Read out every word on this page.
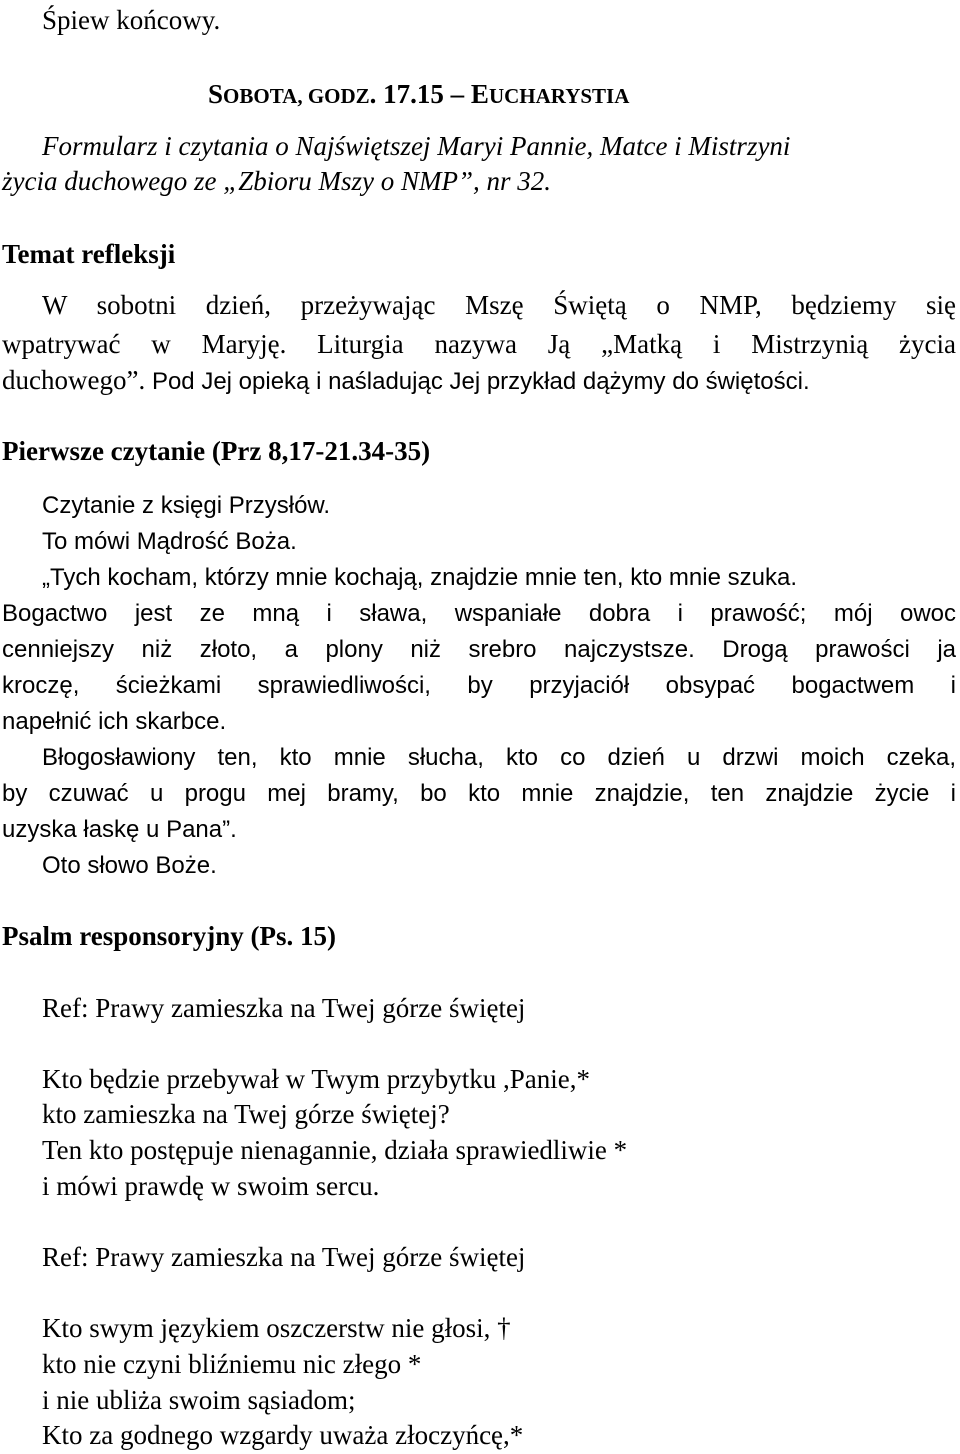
Śpiew końcowy.
SOBOTA, GODZ. 17.15 – EUCHARYSTIA
Formularz i czytania o Najświętszej Maryi Pannie, Matce i Mistrzyni
życia duchowego ze „Zbioru Mszy o NMP”, nr 32.
Temat refleksji
W sobotni dzień, przeżywając Mszę Świętą o NMP, będziemy się
wpatrywać w Maryję. Liturgia nazywa Ją „Matką i Mistrzynią życia
duchowego”. Pod Jej opieką i naśladując Jej przykład dążymy do świętości.
Pierwsze czytanie (Prz 8,17-21.34-35)
Czytanie z księgi Przysłów.
To mówi Mądrość Boża.
„Tych kocham, którzy mnie kochają, znajdzie mnie ten, kto mnie szuka.
Bogactwo jest ze mną i sława, wspaniałe dobra i prawość; mój owoc
cenniejszy niż złoto, a plony niż srebro najczystsze. Drogą prawości ja
kroczę, ścieżkami sprawiedliwości, by przyjaciół obsypać bogactwem i
napełnić ich skarbce.
Błogosławiony ten, kto mnie słucha, kto co dzień u drzwi moich czeka,
by czuwać u progu mej bramy, bo kto mnie znajdzie, ten znajdzie życie i
uzyska łaskę u Pana”.
Oto słowo Boże.
Psalm responsoryjny (Ps. 15)
Ref: Prawy zamieszka na Twej górze świętej
Kto będzie przebywał w Twym przybytku ,Panie,*
kto zamieszka na Twej górze świętej?
Ten kto postępuje nienagannie, działa sprawiedliwie *
i mówi prawdę w swoim sercu.
Ref: Prawy zamieszka na Twej górze świętej
Kto swym językiem oszczerstw nie głosi, †
kto nie czyni bliźniemu nic złego *
i nie ubliża swoim sąsiadom;
Kto za godnego wzgardy uważa złoczyńcę,*
